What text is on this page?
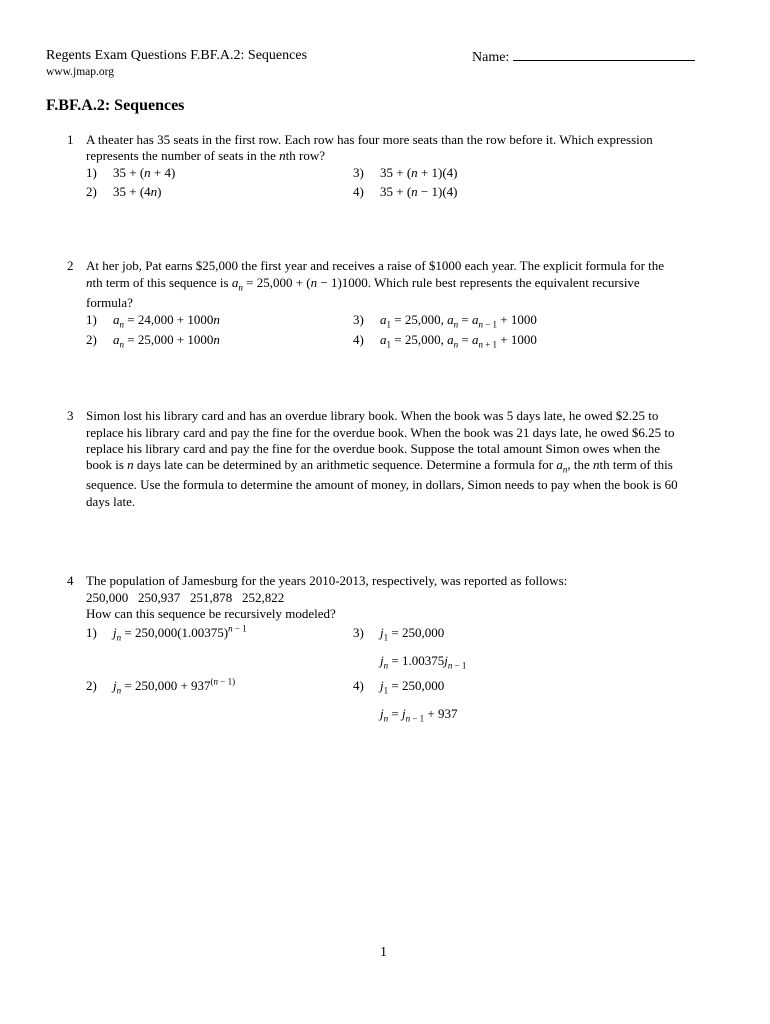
Regents Exam Questions F.BF.A.2: Sequences	Name:
www.jmap.org
F.BF.A.2: Sequences
1 A theater has 35 seats in the first row. Each row has four more seats than the row before it. Which expression
represents the number of seats in the nth row?
1) 35 + (n + 4)
2) 35 + (4n)
3) 35 + (n + 1)(4)
4) 35 + (n − 1)(4)
2 At her job, Pat earns $25,000 the first year and receives a raise of $1000 each year. The explicit formula for the
nth term of this sequence is $a_n = 25,000 + (n - 1)1000$. Which rule best represents the equivalent recursive
formula?
1) $a_n = 24,000 + 1000n$
2) $a_n = 25,000 + 1000n$
3) $a_1 = 25,000$, $a_n = a_{n - 1} + 1000$
4) $a_1 = 25,000$, $a_n = a_{n + 1} + 1000$
3 Simon lost his library card and has an overdue library book. When the book was 5 days late, he owed $2.25 to
replace his library card and pay the fine for the overdue book. When the book was 21 days late, he owed $6.25 to
replace his library card and pay the fine for the overdue book. Suppose the total amount Simon owes when the
book is n days late can be determined by an arithmetic sequence. Determine a formula for $a_n$, the nth term of this
sequence. Use the formula to determine the amount of money, in dollars, Simon needs to pay when the book is 60
days late.
4 The population of Jamesburg for the years 2010-2013, respectively, was reported as follows:
250,000   250,937   251,878   252,822
How can this sequence be recursively modeled?
1) $j_n = 250,000(1.00375)^{n - 1}$
2) $j_n = 250,000 + 937^{(n - 1)}$
3) $j_1 = 250,000$
$j_n = 1.00375j_{n - 1}$
4) $j_1 = 250,000$
$j_n = j_{n - 1} + 937$
1
